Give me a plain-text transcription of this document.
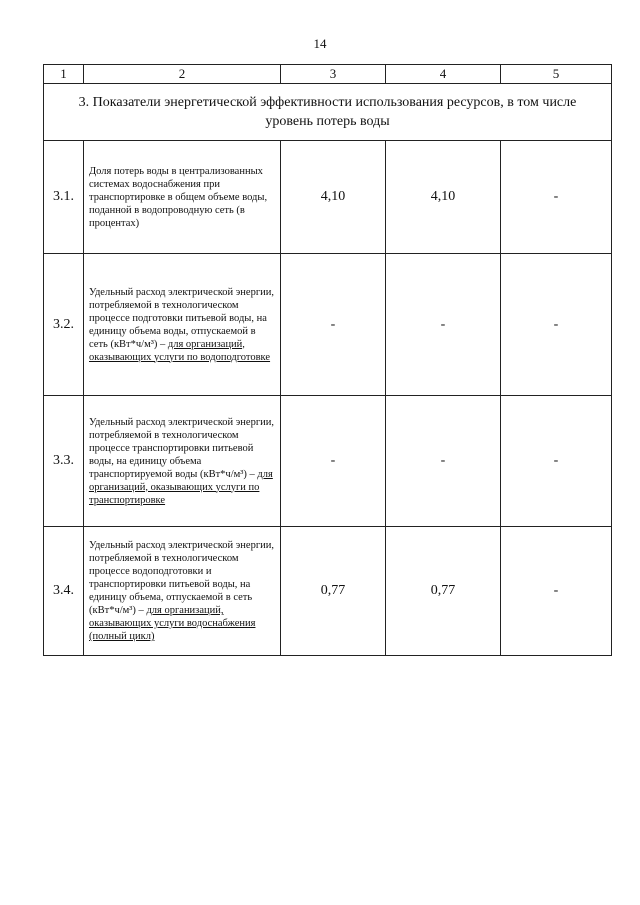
14
1	2	3	4	5
3. Показатели энергетической эффективности использования ресурсов, в том числе уровень потерь воды				
3.1.	Доля потерь воды в централизованных системах водоснабжения при транспортировке в общем объеме воды, поданной в водопроводную сеть (в процентах)	4,10	4,10	-
3.2.	Удельный расход электрической энергии, потребляемой в технологическом процессе подготовки питьевой воды, на единицу объема воды, отпускаемой в сеть (кВт*ч/м³) – для организаций, оказывающих услуги по водоподготовке	-	-	-
3.3.	Удельный расход электрической энергии, потребляемой в технологическом процессе транспортировки питьевой воды, на единицу объема транспортируемой воды (кВт*ч/м³) – для организаций, оказывающих услуги по транспортировке	-	-	-
3.4.	Удельный расход электрической энергии, потребляемой в технологическом процессе водоподготовки и транспортировки питьевой воды, на единицу объема, отпускаемой в сеть (кВт*ч/м³) – для организаций, оказывающих услуги водоснабжения (полный цикл)	0,77	0,77	-
